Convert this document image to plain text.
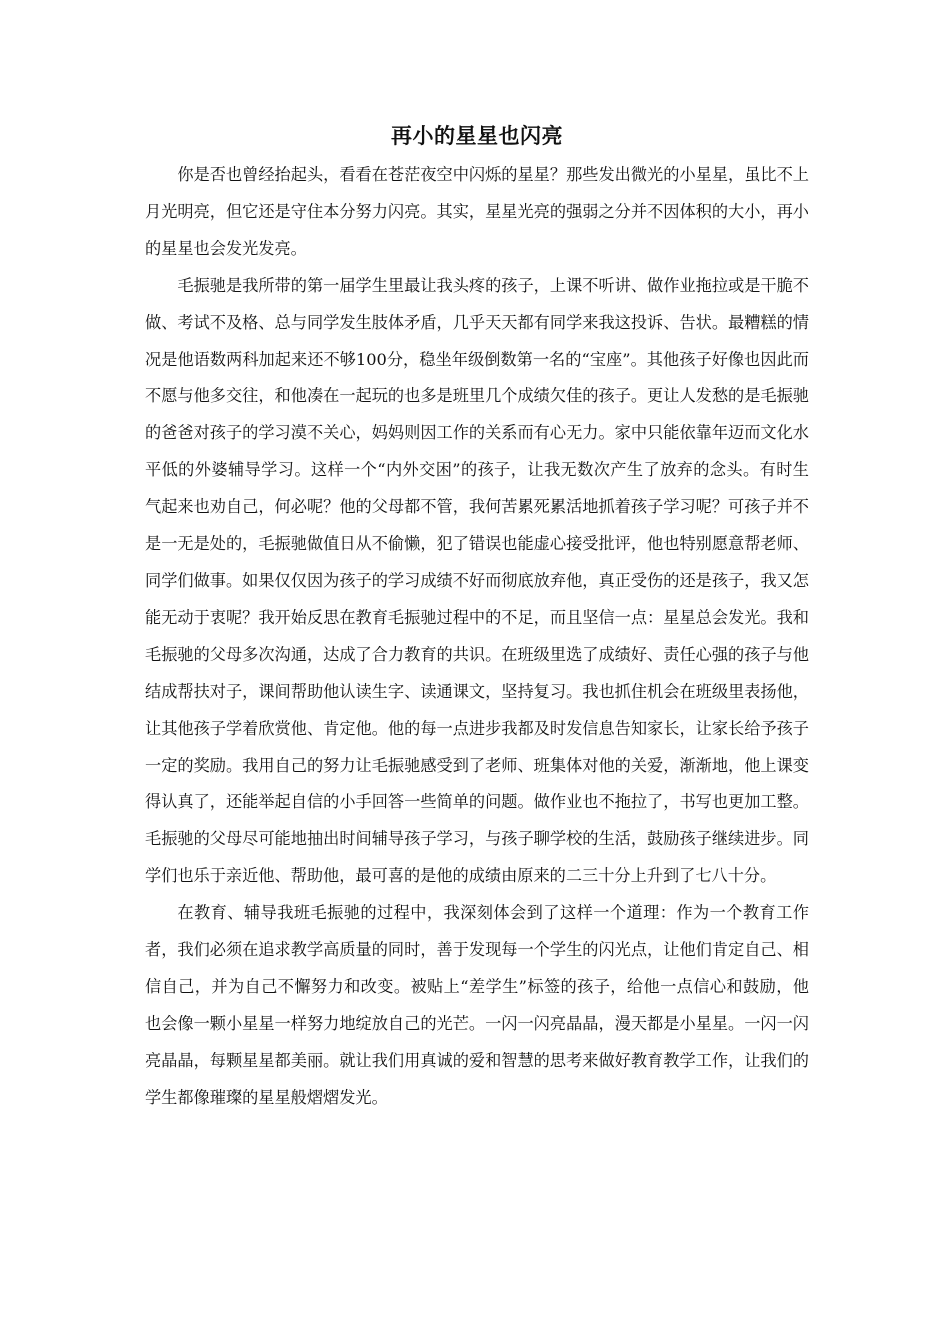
再小的星星也闪亮

你是否也曾经抬起头，看看在苍茫夜空中闪烁的星星？那些发出微光的小星星，虽比不上月光明亮，但它还是守住本分努力闪亮。其实，星星光亮的强弱之分并不因体积的大小，再小的星星也会发光发亮。

毛振驰是我所带的第一届学生里最让我头疼的孩子，上课不听讲、做作业拖拉或是干脆不做、考试不及格、总与同学发生肢体矛盾，几乎天天都有同学来我这投诉、告状。最糟糕的情况是他语数两科加起来还不够100分，稳坐年级倒数第一名的“宝座”。其他孩子好像也因此而不愿与他多交往，和他凑在一起玩的也多是班里几个成绩欠佳的孩子。更让人发愁的是毛振驰的爸爸对孩子的学习漠不关心，妈妈则因工作的关系而有心无力。家中只能依靠年迈而文化水平低的外婆辅导学习。这样一个“内外交困”的孩子，让我无数次产生了放弃的念头。有时生气起来也劝自己，何必呢？他的父母都不管，我何苦累死累活地抓着孩子学习呢？可孩子并不是一无是处的，毛振驰做值日从不偷懒，犯了错误也能虚心接受批评，他也特别愿意帮老师、同学们做事。如果仅仅因为孩子的学习成绩不好而彻底放弃他，真正受伤的还是孩子，我又怎能无动于衷呢？我开始反思在教育毛振驰过程中的不足，而且坚信一点：星星总会发光。我和毛振驰的父母多次沟通，达成了合力教育的共识。在班级里选了成绩好、责任心强的孩子与他结成帮扶对子，课间帮助他认读生字、读通课文，坚持复习。我也抓住机会在班级里表扬他，让其他孩子学着欣赏他、肯定他。他的每一点进步我都及时发信息告知家长，让家长给予孩子一定的奖励。我用自己的努力让毛振驰感受到了老师、班集体对他的关爱，渐渐地，他上课变得认真了，还能举起自信的小手回答一些简单的问题。做作业也不拖拉了，书写也更加工整。毛振驰的父母尽可能地抽出时间辅导孩子学习，与孩子聊学校的生活，鼓励孩子继续进步。同学们也乐于亲近他、帮助他，最可喜的是他的成绩由原来的二三十分上升到了七八十分。

在教育、辅导我班毛振驰的过程中，我深刻体会到了这样一个道理：作为一个教育工作者，我们必须在追求教学高质量的同时，善于发现每一个学生的闪光点，让他们肯定自己、相信自己，并为自己不懈努力和改变。被贴上“差学生”标签的孩子，给他一点信心和鼓励，他也会像一颗小星星一样努力地绽放自己的光芒。一闪一闪亮晶晶，漫天都是小星星。一闪一闪亮晶晶，每颗星星都美丽。就让我们用真诚的爱和智慧的思考来做好教育教学工作，让我们的学生都像璀璨的星星般熠熠发光。
